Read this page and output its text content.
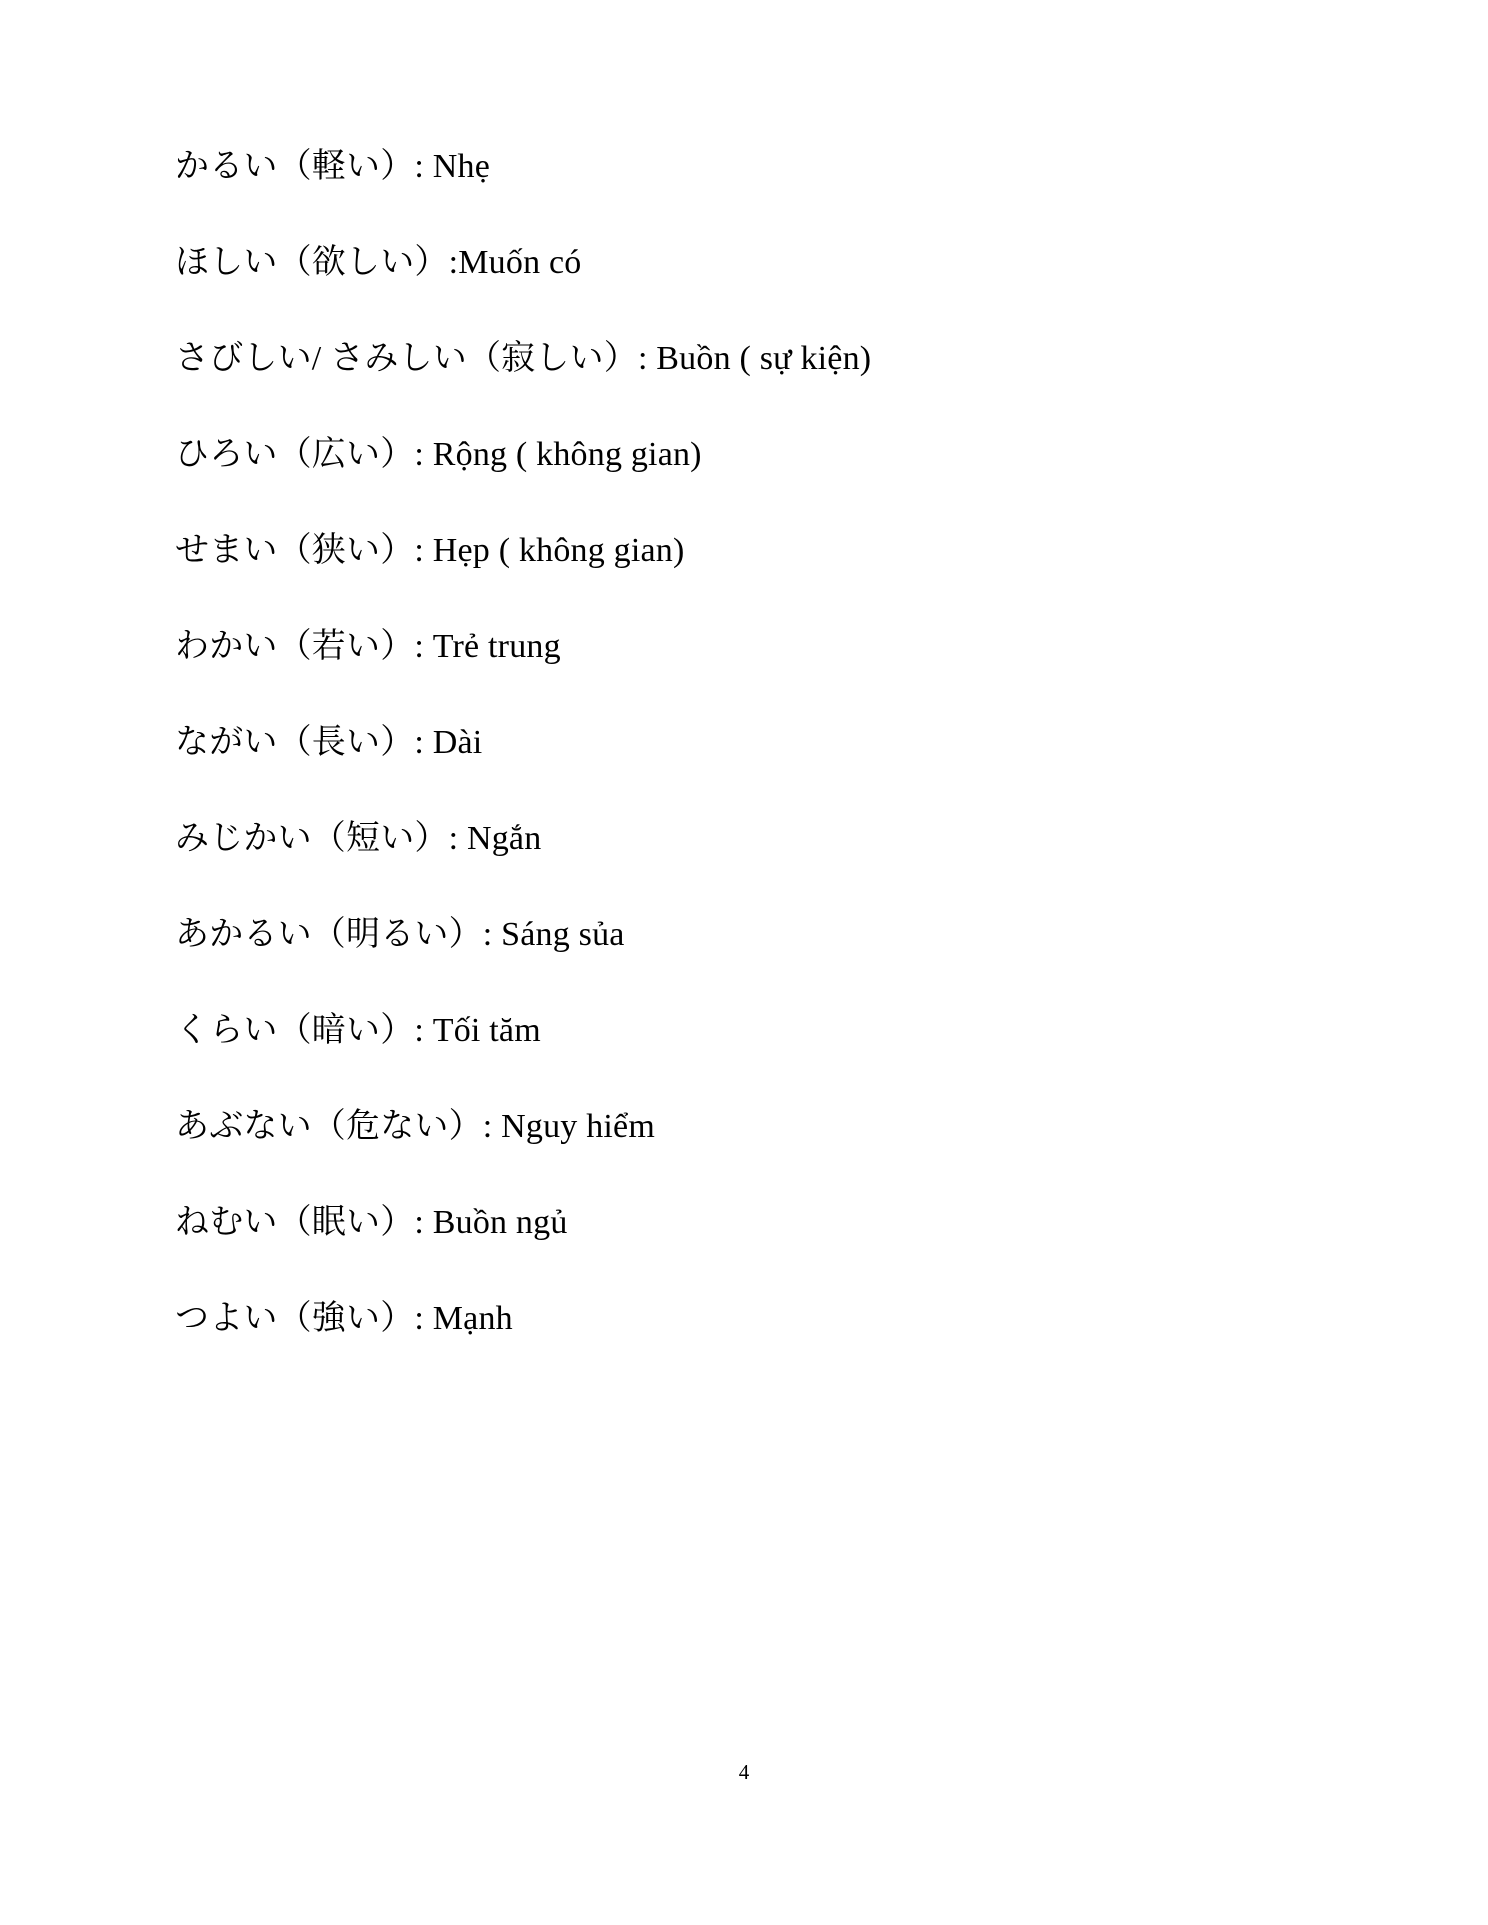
かるい（軽い）: Nhẹ

ほしい（欲しい）:Muốn có

さびしい/ さみしい（寂しい）: Buồn ( sự kiện)

ひろい（広い）: Rộng ( không gian)

せまい（狭い）: Hẹp ( không gian)

わかい（若い）: Trẻ trung

ながい（長い）: Dài

みじかい（短い）: Ngắn

あかるい（明るい）: Sáng sủa

くらい（暗い）: Tối tăm

あぶない（危ない）: Nguy hiểm

ねむい（眠い）: Buồn ngủ

つよい（強い）: Mạnh

4
